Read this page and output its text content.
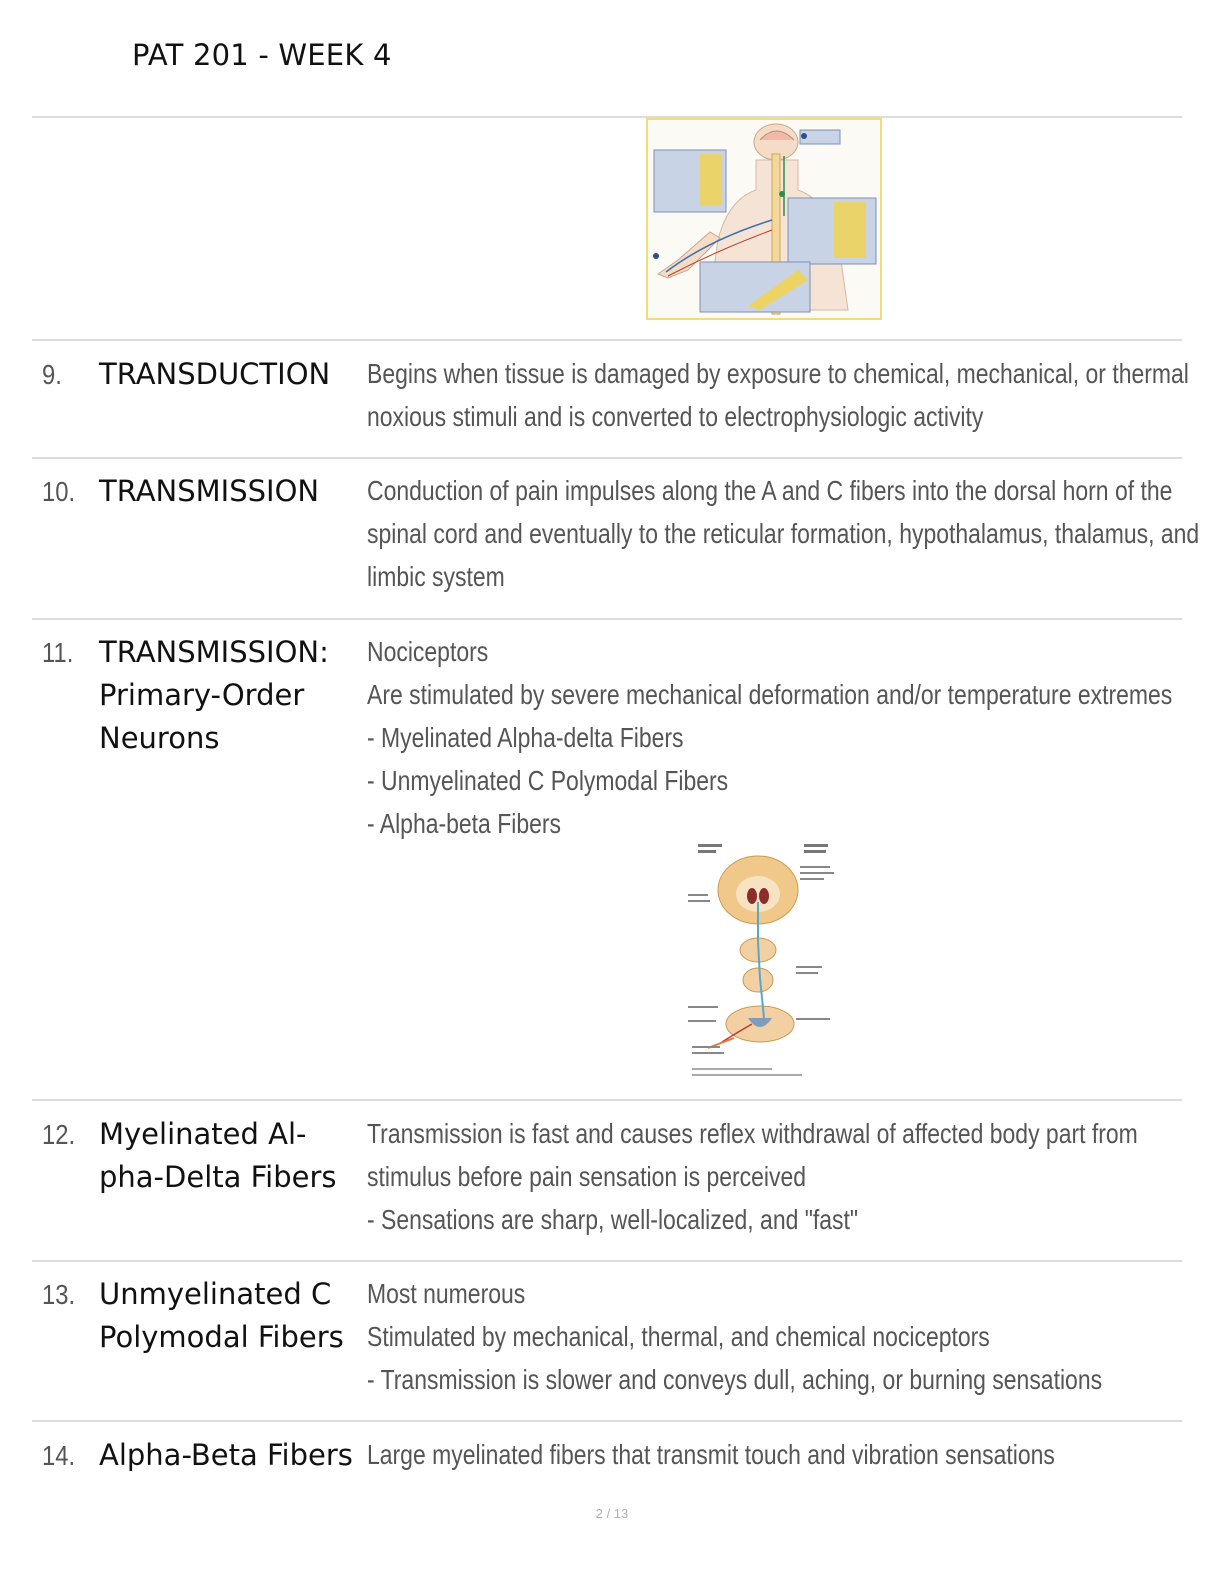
PAT 201 - WEEK 4
9. TRANSDUCTION Begins when tissue is damaged by exposure to chemical, mechanical, or thermal
noxious stimuli and is converted to electrophysiologic activity
10. TRANSMISSION Conduction of pain impulses along the A and C fibers into the dorsal horn of the
spinal cord and eventually to the reticular formation, hypothalamus, thalamus, and
limbic system
11. TRANSMISSION:
Primary-Order
Neurons
Nociceptors
Are stimulated by severe mechanical deformation and/or temperature extremes
- Myelinated Alpha-delta Fibers
- Unmyelinated C Polymodal Fibers
- Alpha-beta Fibers
12. Myelinated Al-
pha-Delta Fibers
Transmission is fast and causes reflex withdrawal of affected body part from
stimulus before pain sensation is perceived
- Sensations are sharp, well-localized, and "fast"
13. Unmyelinated C
Polymodal Fibers
Most numerous
Stimulated by mechanical, thermal, and chemical nociceptors
- Transmission is slower and conveys dull, aching, or burning sensations
14. Alpha-Beta Fibers Large myelinated fibers that transmit touch and vibration sensations
2 / 13
